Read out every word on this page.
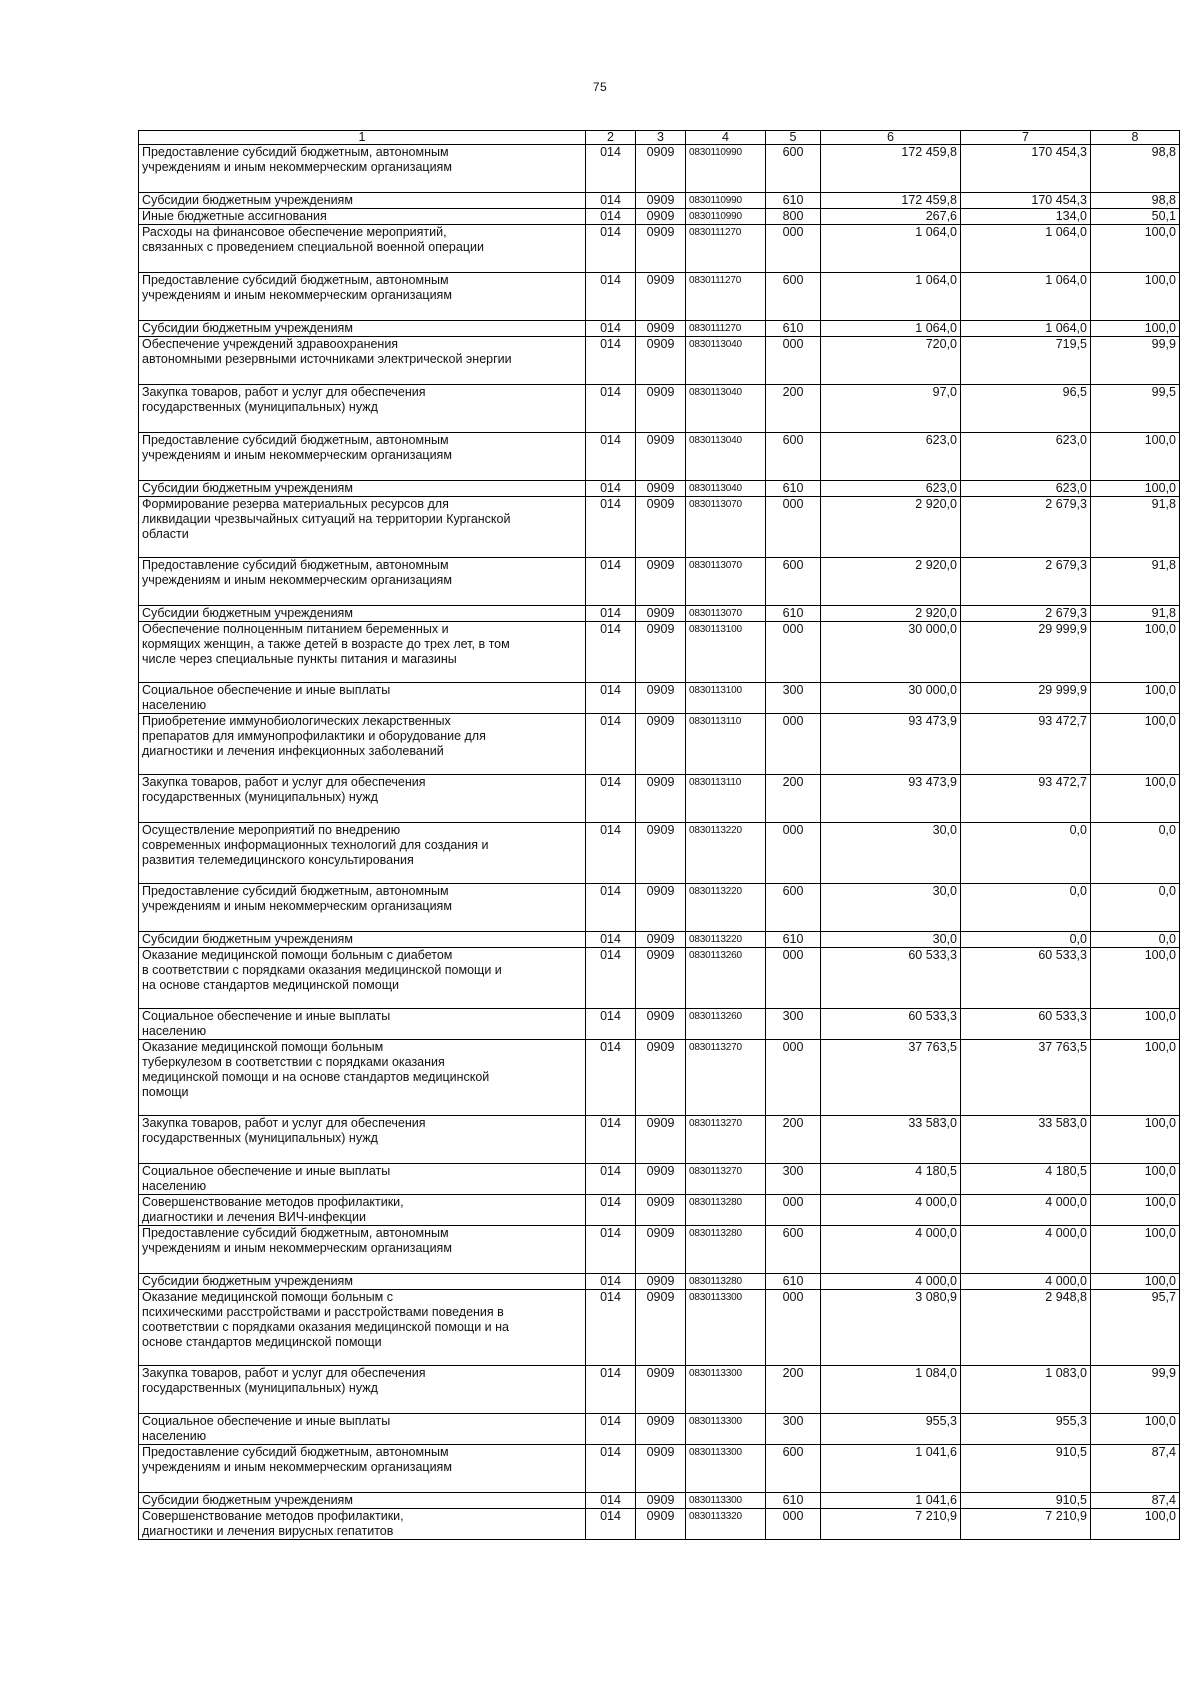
75
1	2	3	4	5	6	7	8
Предоставление субсидий бюджетным, автономным
учреждениям и иным некоммерческим организациям	014	0909	0830110990	600	172 459,8	170 454,3	98,8
Субсидии бюджетным учреждениям	014	0909	0830110990	610	172 459,8	170 454,3	98,8
Иные бюджетные ассигнования	014	0909	0830110990	800	267,6	134,0	50,1
Расходы на финансовое обеспечение мероприятий,
связанных с проведением специальной военной операции	014	0909	0830111270	000	1 064,0	1 064,0	100,0
Предоставление субсидий бюджетным, автономным
учреждениям и иным некоммерческим организациям	014	0909	0830111270	600	1 064,0	1 064,0	100,0
Субсидии бюджетным учреждениям	014	0909	0830111270	610	1 064,0	1 064,0	100,0
Обеспечение учреждений здравоохранения
автономными резервными источниками электрической энергии	014	0909	0830113040	000	720,0	719,5	99,9
Закупка товаров, работ и услуг для обеспечения
государственных (муниципальных) нужд	014	0909	0830113040	200	97,0	96,5	99,5
Предоставление субсидий бюджетным, автономным
учреждениям и иным некоммерческим организациям	014	0909	0830113040	600	623,0	623,0	100,0
Субсидии бюджетным учреждениям	014	0909	0830113040	610	623,0	623,0	100,0
Формирование резерва материальных ресурсов для
ликвидации чрезвычайных ситуаций на территории Курганской
области	014	0909	0830113070	000	2 920,0	2 679,3	91,8
Предоставление субсидий бюджетным, автономным
учреждениям и иным некоммерческим организациям	014	0909	0830113070	600	2 920,0	2 679,3	91,8
Субсидии бюджетным учреждениям	014	0909	0830113070	610	2 920,0	2 679,3	91,8
Обеспечение полноценным питанием беременных и
кормящих женщин, а также детей в возрасте до трех лет, в том
числе через специальные пункты питания и магазины	014	0909	0830113100	000	30 000,0	29 999,9	100,0
Социальное обеспечение и иные выплаты
населению	014	0909	0830113100	300	30 000,0	29 999,9	100,0
Приобретение иммунобиологических лекарственных
препаратов для иммунопрофилактики и оборудование для
диагностики и лечения инфекционных заболеваний	014	0909	0830113110	000	93 473,9	93 472,7	100,0
Закупка товаров, работ и услуг для обеспечения
государственных (муниципальных) нужд	014	0909	0830113110	200	93 473,9	93 472,7	100,0
Осуществление мероприятий по внедрению
современных информационных технологий для создания и
развития телемедицинского консультирования	014	0909	0830113220	000	30,0	0,0	0,0
Предоставление субсидий бюджетным, автономным
учреждениям и иным некоммерческим организациям	014	0909	0830113220	600	30,0	0,0	0,0
Субсидии бюджетным учреждениям	014	0909	0830113220	610	30,0	0,0	0,0
Оказание медицинской помощи больным с диабетом
в соответствии с порядками оказания медицинской помощи и
на основе стандартов медицинской помощи	014	0909	0830113260	000	60 533,3	60 533,3	100,0
Социальное обеспечение и иные выплаты
населению	014	0909	0830113260	300	60 533,3	60 533,3	100,0
Оказание медицинской помощи больным
туберкулезом в соответствии с порядками оказания
медицинской помощи и на основе стандартов медицинской
помощи	014	0909	0830113270	000	37 763,5	37 763,5	100,0
Закупка товаров, работ и услуг для обеспечения
государственных (муниципальных) нужд	014	0909	0830113270	200	33 583,0	33 583,0	100,0
Социальное обеспечение и иные выплаты
населению	014	0909	0830113270	300	4 180,5	4 180,5	100,0
Совершенствование методов профилактики,
диагностики и лечения ВИЧ-инфекции	014	0909	0830113280	000	4 000,0	4 000,0	100,0
Предоставление субсидий бюджетным, автономным
учреждениям и иным некоммерческим организациям	014	0909	0830113280	600	4 000,0	4 000,0	100,0
Субсидии бюджетным учреждениям	014	0909	0830113280	610	4 000,0	4 000,0	100,0
Оказание медицинской помощи больным с
психическими расстройствами и расстройствами поведения в
соответствии с порядками оказания медицинской помощи и на
основе стандартов медицинской помощи	014	0909	0830113300	000	3 080,9	2 948,8	95,7
Закупка товаров, работ и услуг для обеспечения
государственных (муниципальных) нужд	014	0909	0830113300	200	1 084,0	1 083,0	99,9
Социальное обеспечение и иные выплаты
населению	014	0909	0830113300	300	955,3	955,3	100,0
Предоставление субсидий бюджетным, автономным
учреждениям и иным некоммерческим организациям	014	0909	0830113300	600	1 041,6	910,5	87,4
Субсидии бюджетным учреждениям	014	0909	0830113300	610	1 041,6	910,5	87,4
Совершенствование методов профилактики,
диагностики и лечения вирусных гепатитов	014	0909	0830113320	000	7 210,9	7 210,9	100,0
